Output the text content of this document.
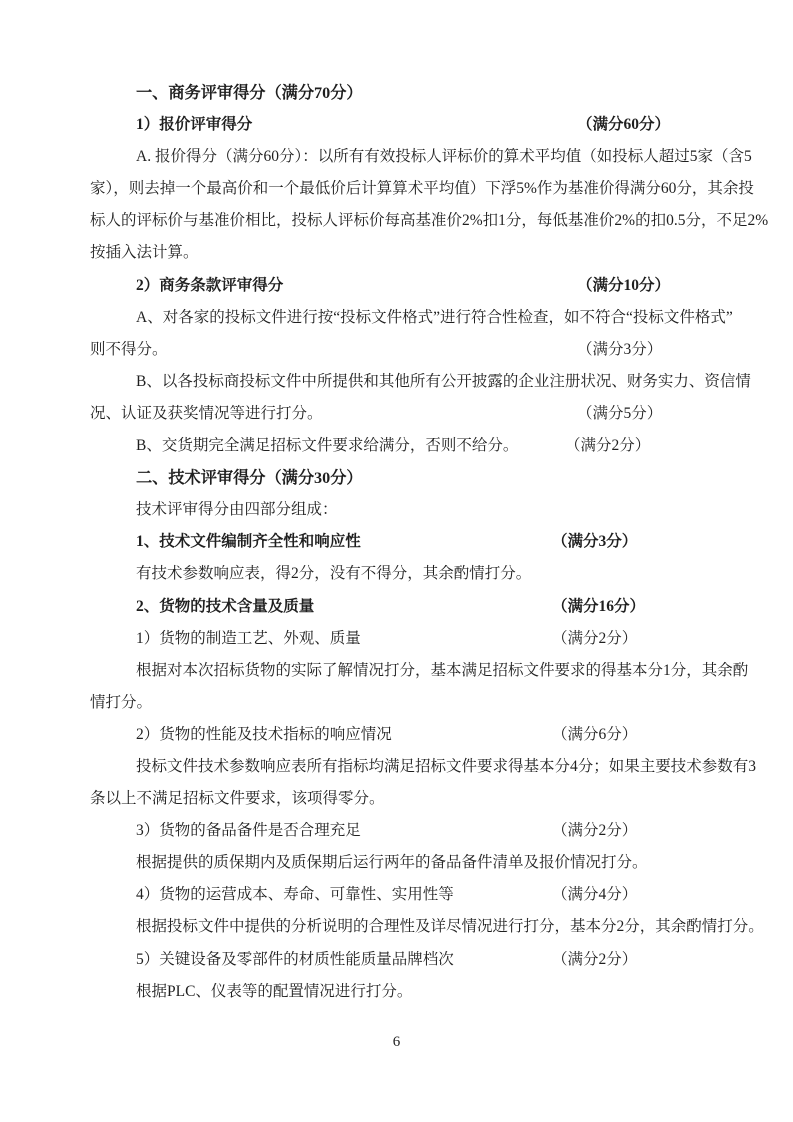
一、商务评审得分（满分70分）
1）报价评审得分	（满分60分）
A. 报价得分（满分60分）：以所有有效投标人评标价的算术平均值（如投标人超过5家（含5
家），则去掉一个最高价和一个最低价后计算算术平均值）下浮5%作为基准价得满分60分，其余投
标人的评标价与基准价相比，投标人评标价每高基准价2%扣1分，每低基准价2%的扣0.5分，不足2%
按插入法计算。
2）商务条款评审得分	（满分10分）
A、对各家的投标文件进行按“投标文件格式”进行符合性检查，如不符合“投标文件格式”
则不得分。	（满分3分）
B、以各投标商投标文件中所提供和其他所有公开披露的企业注册状况、财务实力、资信情
况、认证及获奖情况等进行打分。	（满分5分）
B、交货期完全满足招标文件要求给满分，否则不给分。	（满分2分）
二、技术评审得分（满分30分）
技术评审得分由四部分组成：
1、技术文件编制齐全性和响应性	（满分3分）
有技术参数响应表，得2分，没有不得分，其余酌情打分。
2、货物的技术含量及质量	（满分16分）
1）货物的制造工艺、外观、质量	（满分2分）
根据对本次招标货物的实际了解情况打分，基本满足招标文件要求的得基本分1分，其余酌
情打分。
2）货物的性能及技术指标的响应情况	（满分6分）
投标文件技术参数响应表所有指标均满足招标文件要求得基本分4分；如果主要技术参数有3
条以上不满足招标文件要求，该项得零分。
3）货物的备品备件是否合理充足	（满分2分）
根据提供的质保期内及质保期后运行两年的备品备件清单及报价情况打分。
4）货物的运营成本、寿命、可靠性、实用性等	（满分4分）
根据投标文件中提供的分析说明的合理性及详尽情况进行打分，基本分2分，其余酌情打分。
5）关键设备及零部件的材质性能质量品牌档次	（满分2分）
根据PLC、仪表等的配置情况进行打分。
6
